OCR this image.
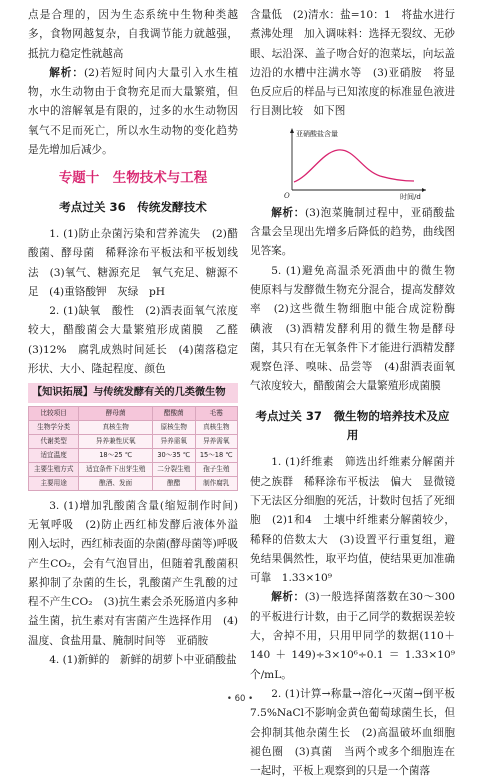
点是合理的，因为生态系统中生物种类越多，食物网越复杂，自我调节能力就越强，抵抗力稳定性就越高

解析：(2)若短时间内大量引入水生植物，水生动物由于食物充足而大量繁殖，但水中的溶解氧是有限的，过多的水生动物因氧气不足而死亡，所以水生动物的变化趋势是先增加后减少。

专题十　生物技术与工程
考点过关 36　传统发酵技术

1. (1)防止杂菌污染和营养流失　(2)醋酸菌、酵母菌　稀释涂布平板法和平板划线法　(3)氧气、糖源充足　氧气充足、糖源不足　(4)重铬酸钾　灰绿　pH

2. (1)缺氧　酸性　(2)酒表面氧气浓度较大，醋酸菌会大量繁殖形成菌膜　乙醛　(3)12%　腐乳成熟时间延长　(4)菌落稳定形状、大小、隆起程度、颜色

【知识拓展】与传统发酵有关的几类微生物
比较项目	酵母菌	醋酸菌	毛霉
生物学分类	真核生物	原核生物	真核生物
代谢类型	异养兼性厌氧	异养需氧	异养需氧
适宜温度	18～25 ℃	30～35 ℃	15～18 ℃
主要生殖方式	适宜条件下出芽生殖	二分裂生殖	孢子生殖
主要用途	酿酒、发面	酿醋	制作腐乳

3. (1)增加乳酸菌含量(缩短制作时间)　无氧呼吸　(2)防止西红柿发酵后液体外溢　刚入坛时，西红柿表面的杂菌(酵母菌等)呼吸产生CO₂，会有气泡冒出，但随着乳酸菌积累抑制了杂菌的生长，乳酸菌产生乳酸的过程不产生CO₂　(3)抗生素会杀死肠道内多种益生菌，抗生素对有害菌产生选择作用　(4)温度、食盐用量、腌制时间等　亚硝胺

4. (1)新鲜的　新鲜的胡萝卜中亚硝酸盐

含量低　(2)清水：盐=10：1　将盐水进行煮沸处理　加入调味料：选择无裂纹、无砂眼、坛沿深、盖子吻合好的泡菜坛，向坛盖边沿的水槽中注满水等　(3)亚硝胺　将显色反应后的样品与已知浓度的标准显色液进行目测比较　如下图

亚硝酸盐含量
时间/d
O

解析：(3)泡菜腌制过程中，亚硝酸盐含量会呈现出先增多后降低的趋势，曲线图见答案。

5. (1)避免高温杀死酒曲中的微生物　使原料与发酵微生物充分混合，提高发酵效率　(2)这些微生物细胞中能合成淀粉酶　碘液　(3)酒精发酵利用的微生物是酵母菌，其只有在无氧条件下才能进行酒精发酵　观察色泽、嗅味、品尝等　(4)甜酒表面氧气浓度较大，醋酸菌会大量繁殖形成菌膜

考点过关 37　微生物的培养技术及应用

1. (1)纤维素　筛选出纤维素分解菌并使之族群　稀释涂布平板法　偏大　显微镜下无法区分细胞的死活，计数时包括了死细胞　(2)1和4　土壤中纤维素分解菌较少，稀释的倍数太大　(3)设置平行重复组，避免结果偶然性，取平均值，使结果更加准确可靠　1.33×10⁹

解析：(3)一般选择菌落数在30～300的平板进行计数，由于乙同学的数据误差较大，舍掉不用，只用甲同学的数据(110＋140＋149)÷3×10⁶÷0.1＝1.33×10⁹个/mL。

2. (1)计算→称量→溶化→灭菌→倒平板　7.5%NaCl不影响金黄色葡萄球菌生长，但会抑制其他杂菌生长　(2)高温破坏血细胞褪色圈　(3)真菌　当两个或多个细胞连在一起时，平板上观察到的只是一个菌落

• 60 •
